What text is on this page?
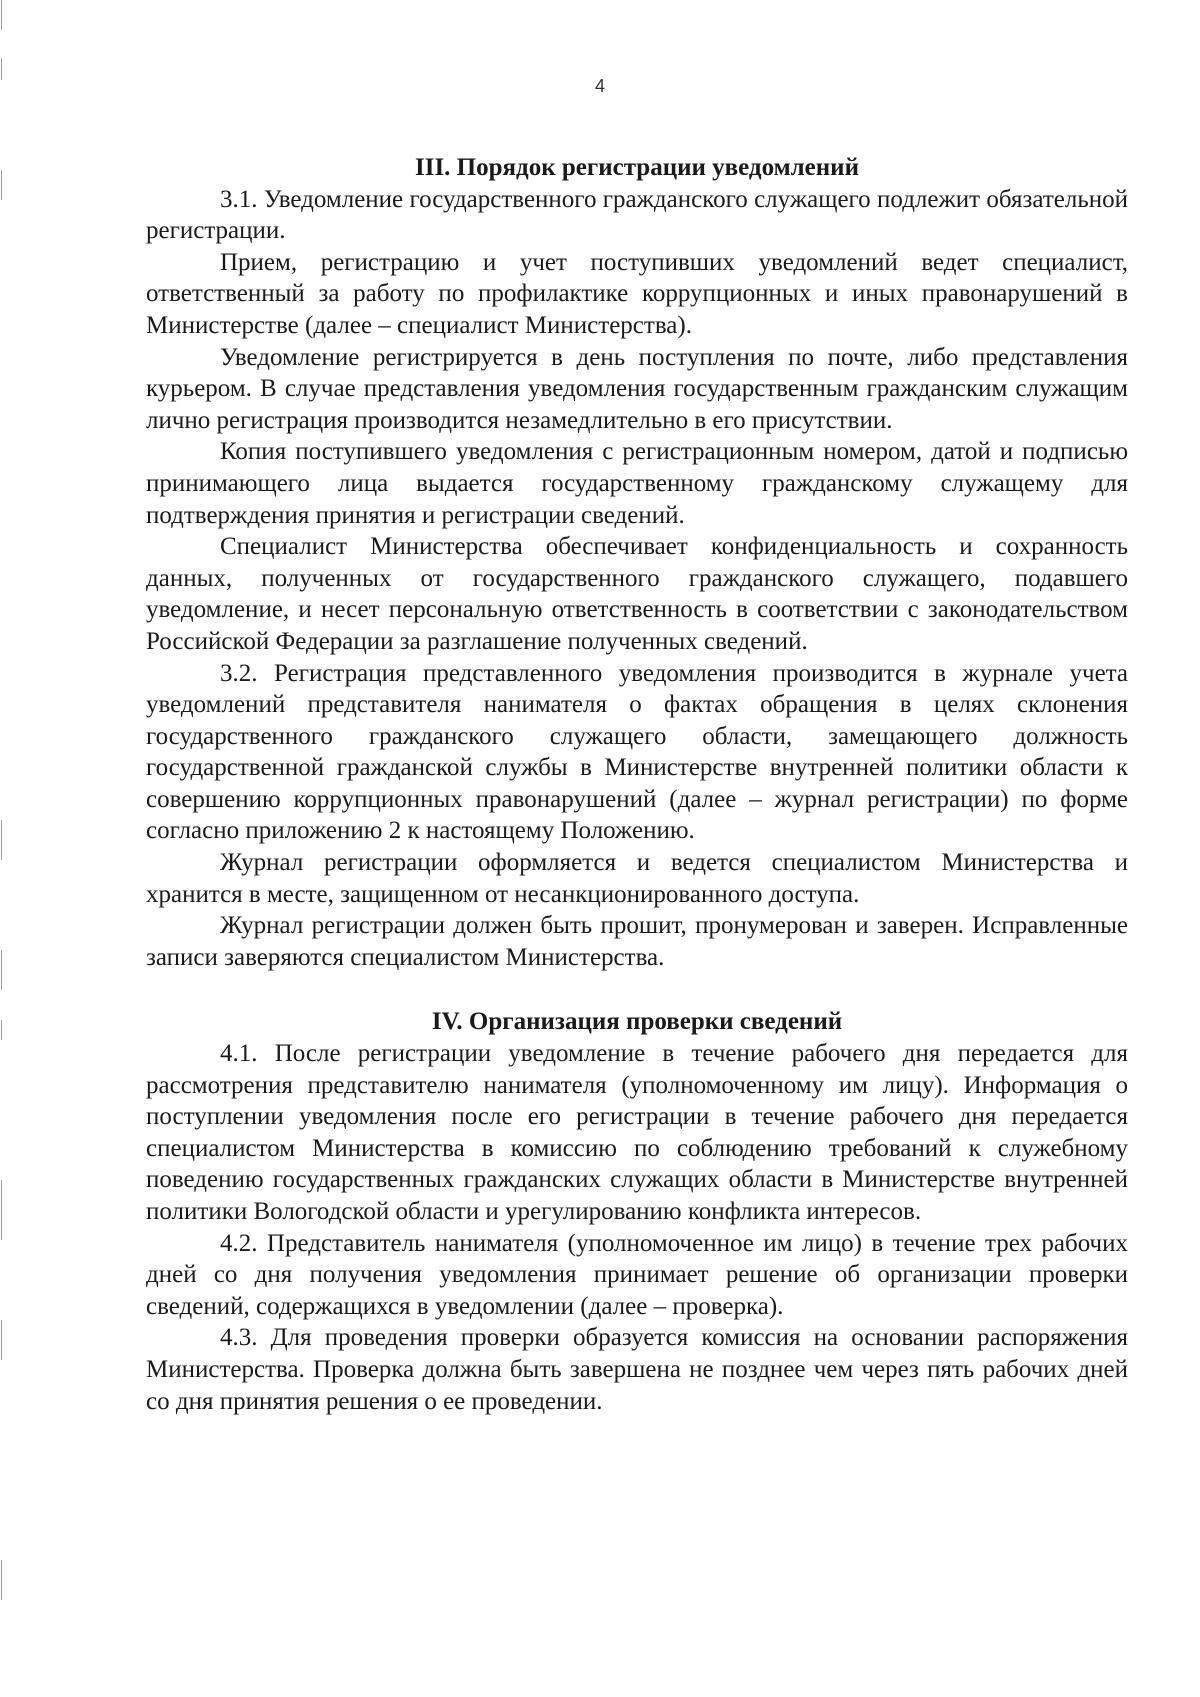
4
III. Порядок регистрации уведомлений

3.1. Уведомление государственного гражданского служащего подлежит обязательной регистрации.

Прием, регистрацию и учет поступивших уведомлений ведет специалист, ответственный за работу по профилактике коррупционных и иных правонарушений в Министерстве (далее – специалист Министерства).

Уведомление регистрируется в день поступления по почте, либо представления курьером. В случае представления уведомления государственным гражданским служащим лично регистрация производится незамедлительно в его присутствии.

Копия поступившего уведомления с регистрационным номером, датой и подписью принимающего лица выдается государственному гражданскому служащему для подтверждения принятия и регистрации сведений.

Специалист Министерства обеспечивает конфиденциальность и сохранность данных, полученных от государственного гражданского служащего, подавшего уведомление, и несет персональную ответственность в соответствии с законодательством Российской Федерации за разглашение полученных сведений.

3.2. Регистрация представленного уведомления производится в журнале учета уведомлений представителя нанимателя о фактах обращения в целях склонения государственного гражданского служащего области, замещающего должность государственной гражданской службы в Министерстве внутренней политики области к совершению коррупционных правонарушений (далее – журнал регистрации) по форме согласно приложению 2 к настоящему Положению.

Журнал регистрации оформляется и ведется специалистом Министерства и хранится в месте, защищенном от несанкционированного доступа.

Журнал регистрации должен быть прошит, пронумерован и заверен. Исправленные записи заверяются специалистом Министерства.

IV. Организация проверки сведений

4.1. После регистрации уведомление в течение рабочего дня передается для рассмотрения представителю нанимателя (уполномоченному им лицу). Информация о поступлении уведомления после его регистрации в течение рабочего дня передается специалистом Министерства в комиссию по соблюдению требований к служебному поведению государственных гражданских служащих области в Министерстве внутренней политики Вологодской области и урегулированию конфликта интересов.

4.2. Представитель нанимателя (уполномоченное им лицо) в течение трех рабочих дней со дня получения уведомления принимает решение об организации проверки сведений, содержащихся в уведомлении (далее – проверка).

4.3. Для проведения проверки образуется комиссия на основании распоряжения Министерства. Проверка должна быть завершена не позднее чем через пять рабочих дней со дня принятия решения о ее проведении.
